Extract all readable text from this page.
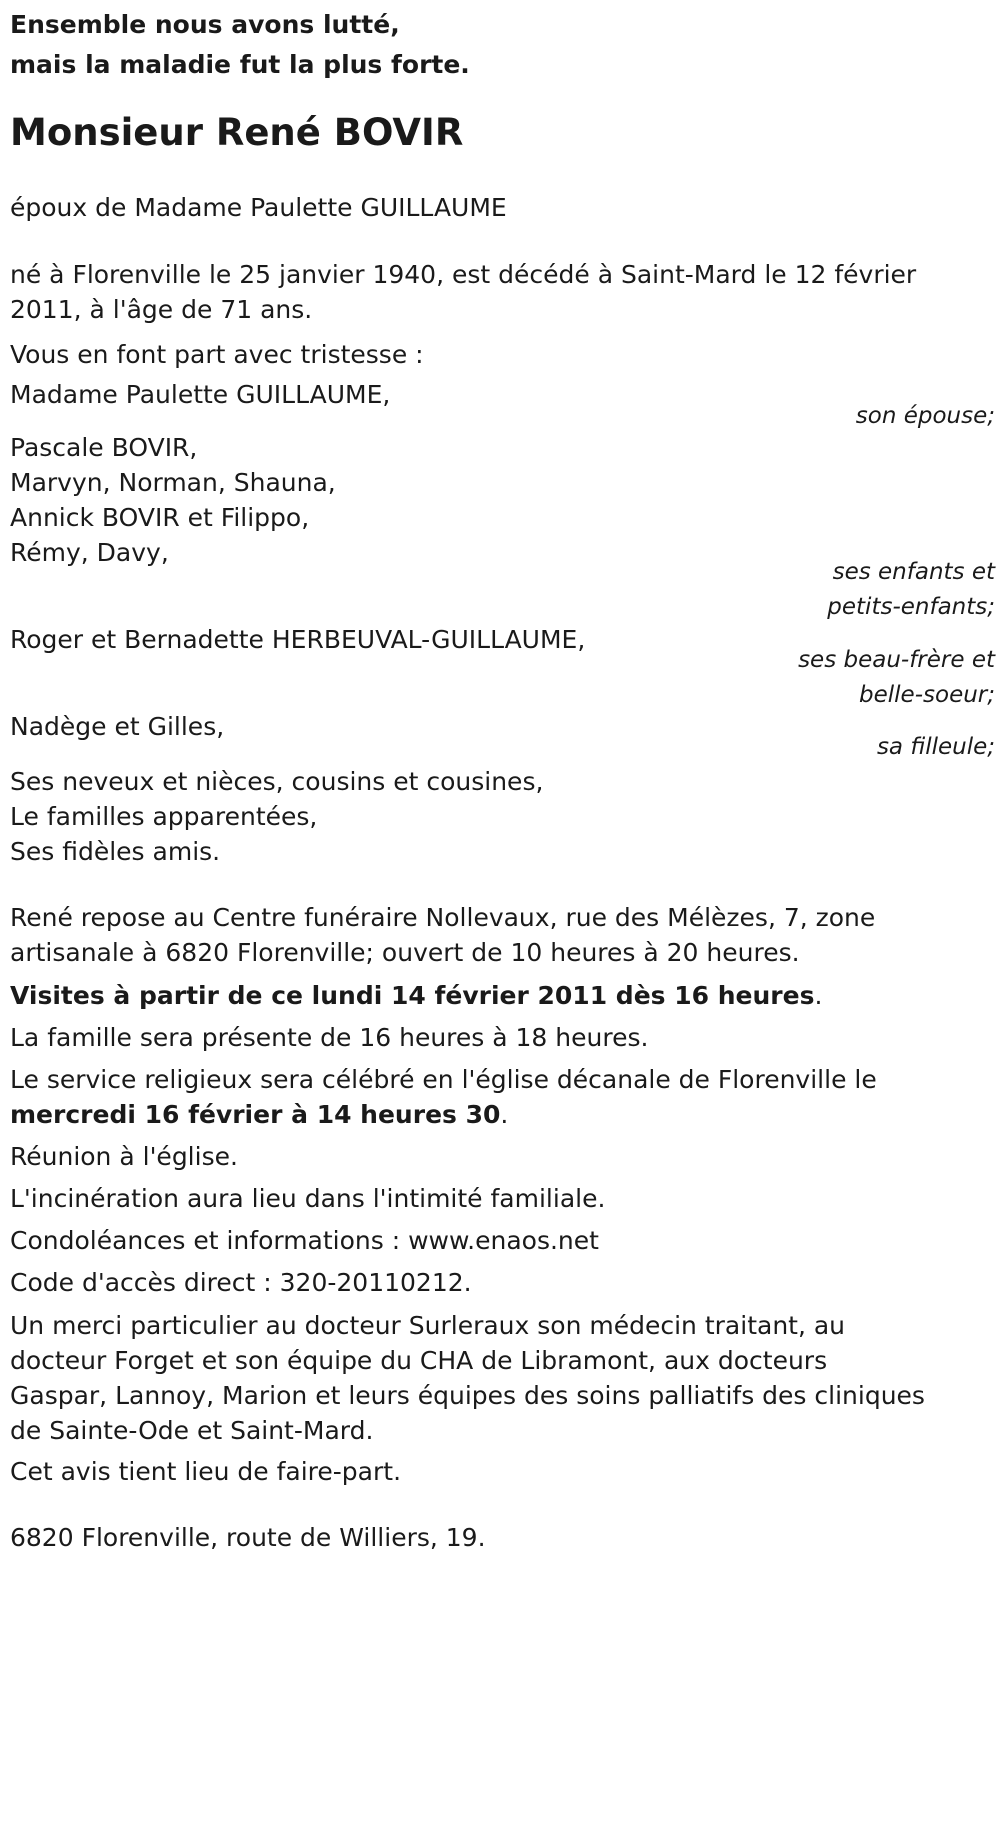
Ensemble nous avons lutté,
mais la maladie fut la plus forte.
Monsieur René BOVIR
époux de Madame Paulette GUILLAUME
né à Florenville le 25 janvier 1940, est décédé à Saint-Mard le 12 février
2011, à l'âge de 71 ans.
Vous en font part avec tristesse :
Madame Paulette GUILLAUME,
son épouse;
Pascale BOVIR,
Marvyn, Norman, Shauna,
Annick BOVIR et Filippo,
Rémy, Davy,
ses enfants et
petits-enfants;
Roger et Bernadette HERBEUVAL-GUILLAUME,
ses beau-frère et
belle-soeur;
Nadège et Gilles,
sa filleule;
Ses neveux et nièces, cousins et cousines,
Le familles apparentées,
Ses fidèles amis.
René repose au Centre funéraire Nollevaux, rue des Mélèzes, 7, zone
artisanale à 6820 Florenville; ouvert de 10 heures à 20 heures.
Visites à partir de ce lundi 14 février 2011 dès 16 heures.
La famille sera présente de 16 heures à 18 heures.
Le service religieux sera célébré en l'église décanale de Florenville le
mercredi 16 février à 14 heures 30.
Réunion à l'église.
L'incinération aura lieu dans l'intimité familiale.
Condoléances et informations : www.enaos.net
Code d'accès direct : 320-20110212.
Un merci particulier au docteur Surleraux son médecin traitant, au
docteur Forget et son équipe du CHA de Libramont, aux docteurs
Gaspar, Lannoy, Marion et leurs équipes des soins palliatifs des cliniques
de Sainte-Ode et Saint-Mard.
Cet avis tient lieu de faire-part.
6820 Florenville, route de Williers, 19.
